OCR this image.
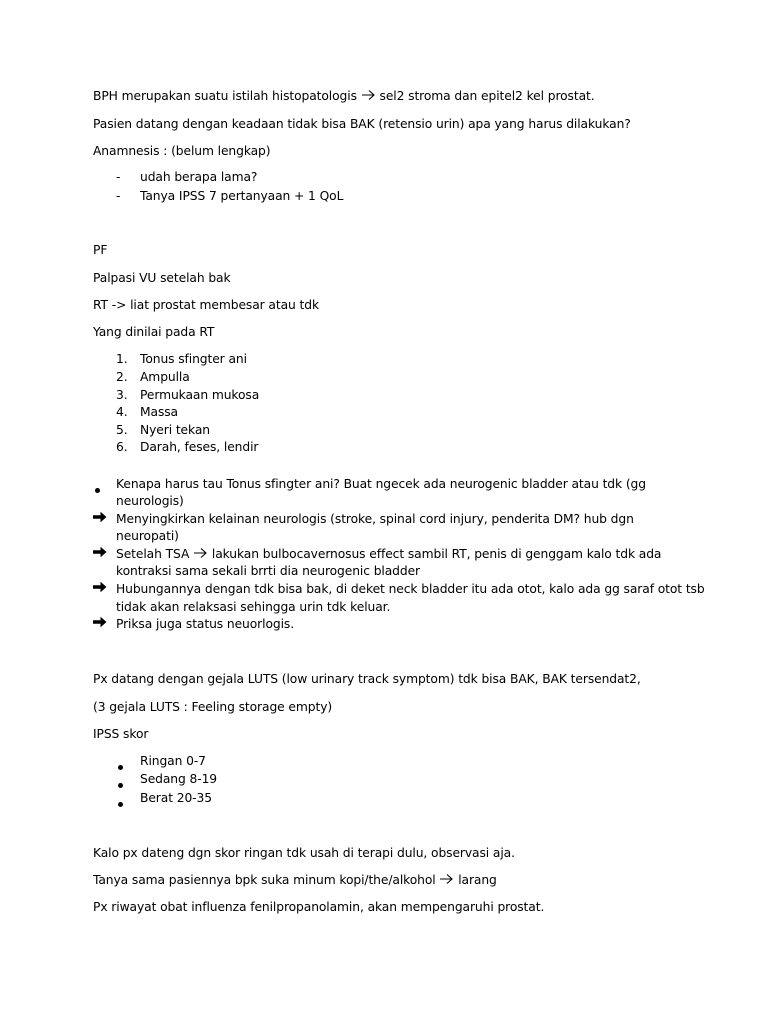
BPH merupakan suatu istilah histopatologis sel2 stroma dan epitel2 kel prostat.
Pasien datang dengan keadaan tidak bisa BAK (retensio urin) apa yang harus dilakukan?
Anamnesis : (belum lengkap)
- udah berapa lama?
- Tanya IPSS 7 pertanyaan + 1 QoL
PF
Palpasi VU setelah bak
RT -> liat prostat membesar atau tdk
Yang dinilai pada RT
1. Tonus sfingter ani
2. Ampulla
3. Permukaan mukosa
4. Massa
5. Nyeri tekan
6. Darah, feses, lendir
Kenapa harus tau Tonus sfingter ani? Buat ngecek ada neurogenic bladder atau tdk (gg
neurologis)
Menyingkirkan kelainan neurologis (stroke, spinal cord injury, penderita DM? hub dgn
neuropati)
Setelah TSA lakukan bulbocavernosus effect sambil RT, penis di genggam kalo tdk ada
kontraksi sama sekali brrti dia neurogenic bladder
Hubungannya dengan tdk bisa bak, di deket neck bladder itu ada otot, kalo ada gg saraf otot tsb
tidak akan relaksasi sehingga urin tdk keluar.
Priksa juga status neuorlogis.
Px datang dengan gejala LUTS (low urinary track symptom) tdk bisa BAK, BAK tersendat2,
(3 gejala LUTS : Feeling storage empty)
IPSS skor
Ringan 0-7
Sedang 8-19
Berat 20-35
Kalo px dateng dgn skor ringan tdk usah di terapi dulu, observasi aja.
Tanya sama pasiennya bpk suka minum kopi/the/alkohol larang
Px riwayat obat influenza fenilpropanolamin, akan mempengaruhi prostat.
